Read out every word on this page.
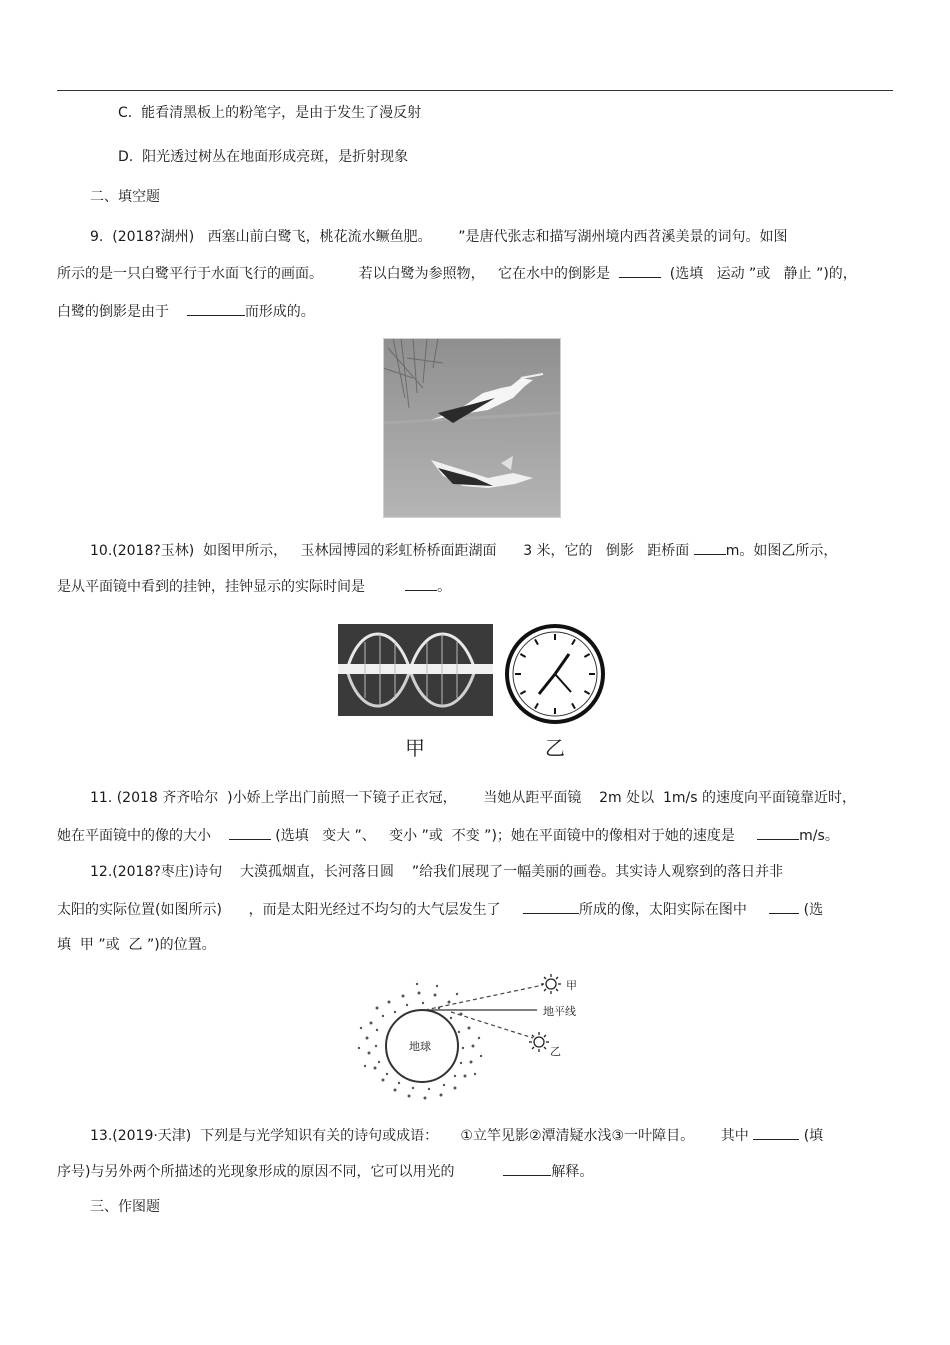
C.  能看清黑板上的粉笔字，是由于发生了漫反射
D.  阳光透过树丛在地面形成亮斑，是折射现象
二、填空题
9.  (2018?湖州)   西塞山前白鹭飞，桃花流水鳜鱼肥。      ”是唐代张志和描写湖州境内西苕溪美景的词句。如图
所示的是一只白鹭平行于水面飞行的画面。        若以白鹭为参照物，   它在水中的倒影是	(选填   运动 ”或   静止 ”)的，
白鹭的倒影是由于	而形成的。
10.(2018?玉林)  如图甲所示，   玉林园博园的彩虹桥桥面距湖面      3 米，它的   倒影   距桥面	m。如图乙所示，
是从平面镜中看到的挂钟，挂钟显示的实际时间是	。
甲	乙
11. (2018 齐齐哈尔  )小娇上学出门前照一下镜子正衣冠，      当她从距平面镜    2m 处以  1m/s 的速度向平面镜靠近时，
她在平面镜中的像的大小	(选填   变大 ”、   变小 ”或  不变 ”)；她在平面镜中的像相对于她的速度是	m/s。
12.(2018?枣庄)诗句    大漠孤烟直，长河落日圆    ”给我们展现了一幅美丽的画卷。其实诗人观察到的落日并非
太阳的实际位置(如图所示)      ，而是太阳光经过不均匀的大气层发生了	所成的像，太阳实际在图中	(选
填  甲 ”或  乙 ”)的位置。
地球
地平线
甲
乙
13.(2019·天津)  下列是与光学知识有关的诗句或成语：     ①立竿见影②潭清疑水浅③一叶障目。      其中	(填
序号)与另外两个所描述的光现象形成的原因不同，它可以用光的	解释。
三、作图题
